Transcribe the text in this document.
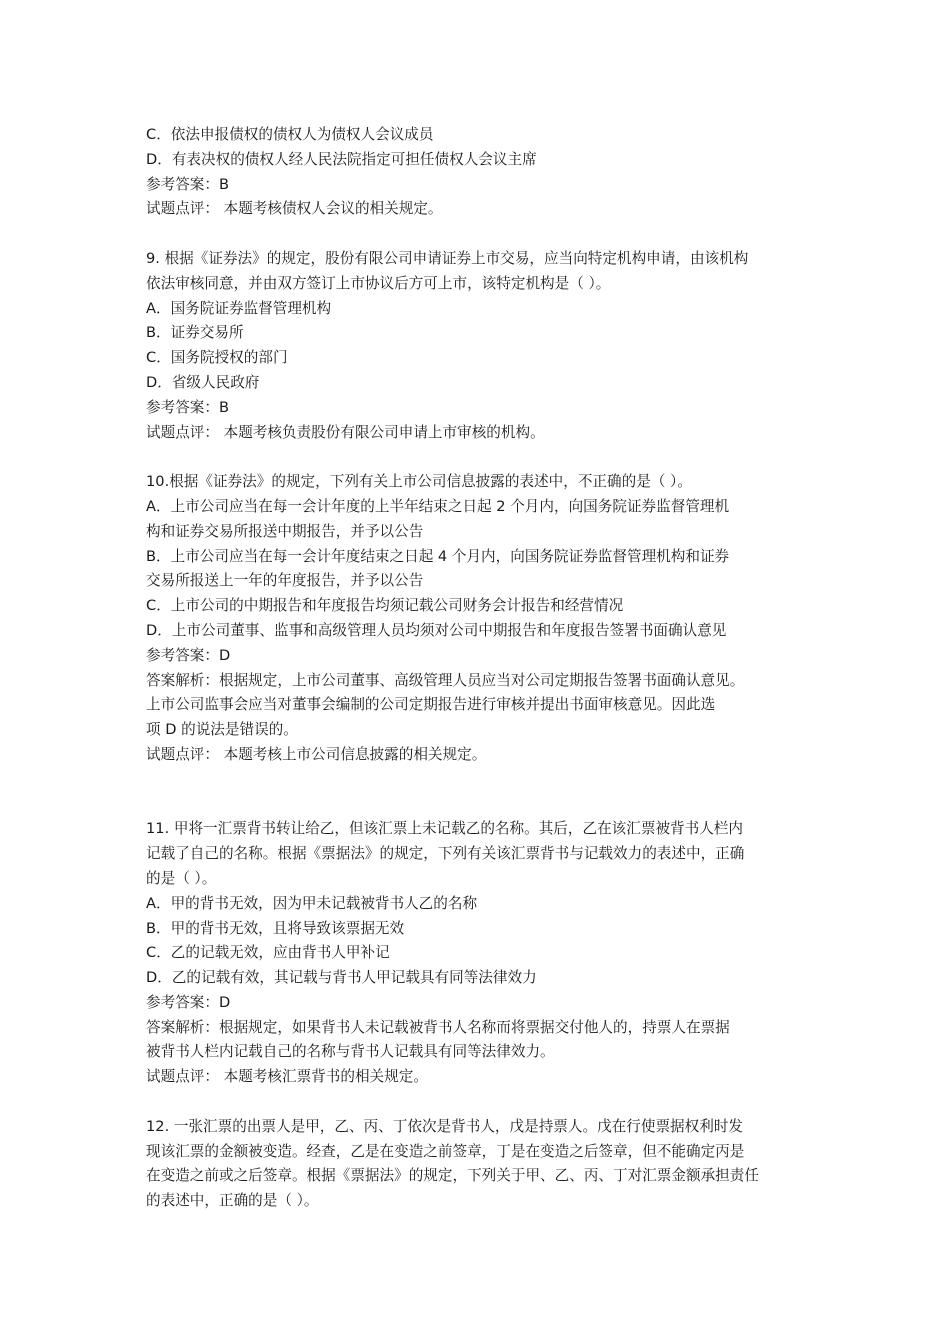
C．依法申报债权的债权人为债权人会议成员
D．有表决权的债权人经人民法院指定可担任债权人会议主席
参考答案：B
试题点评： 本题考核债权人会议的相关规定。
9. 根据《证券法》的规定，股份有限公司申请证券上市交易，应当向特定机构申请，由该机构
依法审核同意，并由双方签订上市协议后方可上市，该特定机构是（ ）。
A．国务院证券监督管理机构
B．证券交易所
C．国务院授权的部门
D．省级人民政府
参考答案：B
试题点评： 本题考核负责股份有限公司申请上市审核的机构。
10.根据《证券法》的规定，下列有关上市公司信息披露的表述中，不正确的是（ ）。
A．上市公司应当在每一会计年度的上半年结束之日起 2 个月内，向国务院证券监督管理机
构和证券交易所报送中期报告，并予以公告
B．上市公司应当在每一会计年度结束之日起 4 个月内，向国务院证券监督管理机构和证券
交易所报送上一年的年度报告，并予以公告
C．上市公司的中期报告和年度报告均须记载公司财务会计报告和经营情况
D．上市公司董事、监事和高级管理人员均须对公司中期报告和年度报告签署书面确认意见
参考答案：D
答案解析：根据规定，上市公司董事、高级管理人员应当对公司定期报告签署书面确认意见。
上市公司监事会应当对董事会编制的公司定期报告进行审核并提出书面审核意见。因此选
项 D 的说法是错误的。
试题点评： 本题考核上市公司信息披露的相关规定。
11. 甲将一汇票背书转让给乙，但该汇票上未记载乙的名称。其后，乙在该汇票被背书人栏内
记载了自己的名称。根据《票据法》的规定，下列有关该汇票背书与记载效力的表述中，正确
的是（ ）。
A．甲的背书无效，因为甲未记载被背书人乙的名称
B．甲的背书无效，且将导致该票据无效
C．乙的记载无效，应由背书人甲补记
D．乙的记载有效，其记载与背书人甲记载具有同等法律效力
参考答案：D
答案解析：根据规定，如果背书人未记载被背书人名称而将票据交付他人的，持票人在票据
被背书人栏内记载自己的名称与背书人记载具有同等法律效力。
试题点评： 本题考核汇票背书的相关规定。
12. 一张汇票的出票人是甲，乙、丙、丁依次是背书人，戊是持票人。戊在行使票据权利时发
现该汇票的金额被变造。经查，乙是在变造之前签章，丁是在变造之后签章，但不能确定丙是
在变造之前或之后签章。根据《票据法》的规定，下列关于甲、乙、丙、丁对汇票金额承担责任
的表述中，正确的是（ ）。
